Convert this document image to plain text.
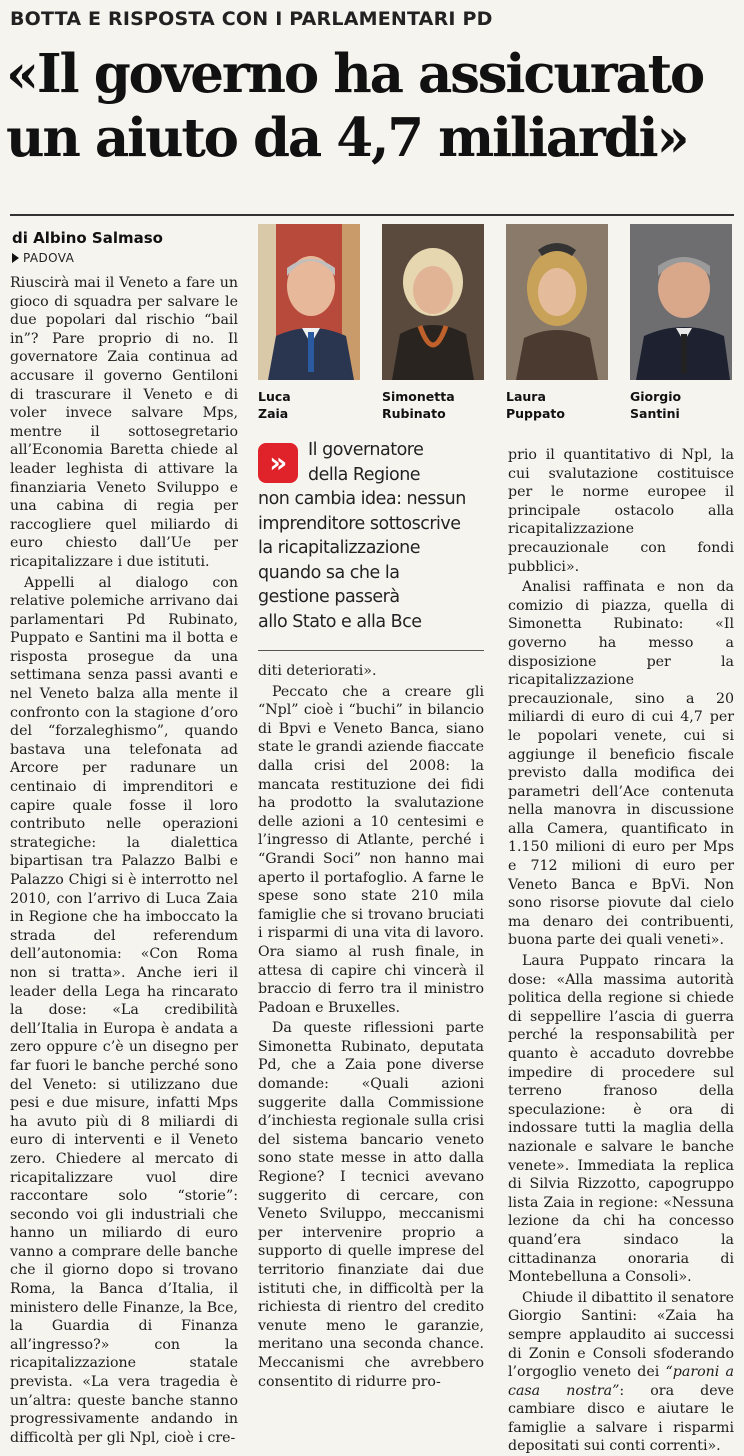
BOTTA E RISPOSTA CON I PARLAMENTARI PD
«Il governo ha assicurato
un aiuto da 4,7 miliardi»
di Albino Salmaso
PADOVA

Riuscirà mai il Veneto a fare un gioco di squadra per salvare le due popolari dal rischio “bail in”? Pare proprio di no. Il governatore Zaia continua ad accusare il governo Gentiloni di trascurare il Veneto e di voler invece salvare Mps, mentre il sottosegretario all’Economia Baretta chiede al leader leghista di attivare la finanziaria Veneto Sviluppo e una cabina di regia per raccogliere quel miliardo di euro chiesto dall’Ue per ricapitalizzare i due istituti.

Appelli al dialogo con relative polemiche arrivano dai parlamentari Pd Rubinato, Puppato e Santini ma il botta e risposta prosegue da una settimana senza passi avanti e nel Veneto balza alla mente il confronto con la stagione d’oro del “forzaleghismo”, quando bastava una telefonata ad Arcore per radunare un centinaio di imprenditori e capire quale fosse il loro contributo nelle operazioni strategiche: la dialettica bipartisan tra Palazzo Balbi e Palazzo Chigi si è interrotto nel 2010, con l’arrivo di Luca Zaia in Regione che ha imboccato la strada del referendum dell’autonomia: «Con Roma non si tratta». Anche ieri il leader della Lega ha rincarato la dose: «La credibilità dell’Italia in Europa è andata a zero oppure c’è un disegno per far fuori le banche perché sono del Veneto: si utilizzano due pesi e due misure, infatti Mps ha avuto più di 8 miliardi di euro di interventi e il Veneto zero. Chiedere al mercato di ricapitalizzare vuol dire raccontare solo “storie”: secondo voi gli industriali che hanno un miliardo di euro vanno a comprare delle banche che il giorno dopo si trovano Roma, la Banca d’Italia, il ministero delle Finanze, la Bce, la Guardia di Finanza all’ingresso?» con la ricapitalizzazione statale prevista. «La vera tragedia è un’altra: queste banche stanno progressivamente andando in difficoltà per gli Npl, cioè i cre-

Luca
Zaia
Simonetta
Rubinato
Laura
Puppato
Giorgio
Santini
»	Il governatore
della Regione
non cambia idea: nessun
imprenditore sottoscrive
la ricapitalizzazione
quando sa che la
gestione passerà
allo Stato e alla Bce

diti deteriorati».

Peccato che a creare gli “Npl” cioè i “buchi” in bilancio di Bpvi e Veneto Banca, siano state le grandi aziende fiaccate dalla crisi del 2008: la mancata restituzione dei fidi ha prodotto la svalutazione delle azioni a 10 centesimi e l’ingresso di Atlante, perché i “Grandi Soci” non hanno mai aperto il portafoglio. A farne le spese sono state 210 mila famiglie che si trovano bruciati i risparmi di una vita di lavoro. Ora siamo al rush finale, in attesa di capire chi vincerà il braccio di ferro tra il ministro Padoan e Bruxelles.

Da queste riflessioni parte Simonetta Rubinato, deputata Pd, che a Zaia pone diverse domande: «Quali azioni suggerite dalla Commissione d’inchiesta regionale sulla crisi del sistema bancario veneto sono state messe in atto dalla Regione? I tecnici avevano suggerito di cercare, con Veneto Sviluppo, meccanismi per intervenire proprio a supporto di quelle imprese del territorio finanziate dai due istituti che, in difficoltà per la richiesta di rientro del credito venute meno le garanzie, meritano una seconda chance. Meccanismi che avrebbero consentito di ridurre pro-

prio il quantitativo di Npl, la cui svalutazione costituisce per le norme europee il principale ostacolo alla ricapitalizzazione precauzionale con fondi pubblici».

Analisi raffinata e non da comizio di piazza, quella di Simonetta Rubinato: «Il governo ha messo a disposizione per la ricapitalizzazione precauzionale, sino a 20 miliardi di euro di cui 4,7 per le popolari venete, cui si aggiunge il beneficio fiscale previsto dalla modifica dei parametri dell’Ace contenuta nella manovra in discussione alla Camera, quantificato in 1.150 milioni di euro per Mps e 712 milioni di euro per Veneto Banca e BpVi. Non sono risorse piovute dal cielo ma denaro dei contribuenti, buona parte dei quali veneti».

Laura Puppato rincara la dose: «Alla massima autorità politica della regione si chiede di seppellire l’ascia di guerra perché la responsabilità per quanto è accaduto dovrebbe impedire di procedere sul terreno franoso della speculazione: è ora di indossare tutti la maglia della nazionale e salvare le banche venete». Immediata la replica di Silvia Rizzotto, capogruppo lista Zaia in regione: «Nessuna lezione da chi ha concesso quand’era sindaco la cittadinanza onoraria di Montebelluna a Consoli».

Chiude il dibattito il senatore Giorgio Santini: «Zaia ha sempre applaudito ai successi di Zonin e Consoli sfoderando l’orgoglio veneto dei “paroni a casa nostra”: ora deve cambiare disco e aiutare le famiglie a salvare i risparmi depositati sui conti correnti».
